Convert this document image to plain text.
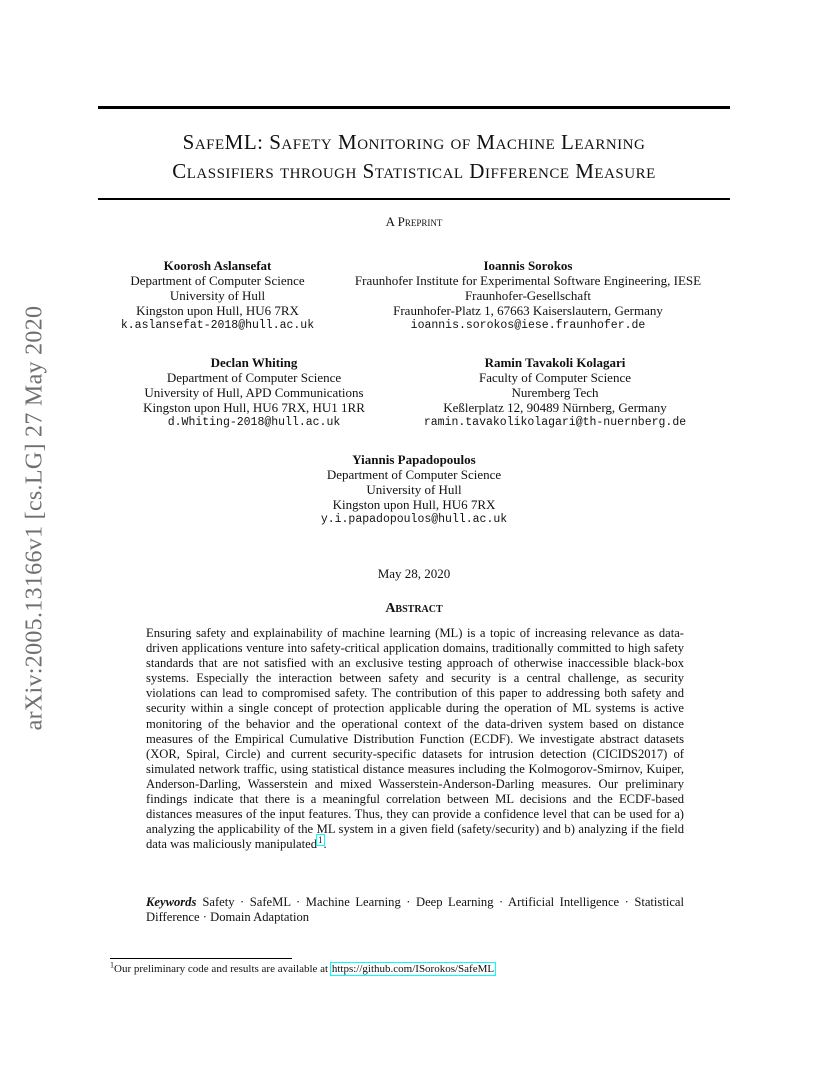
arXiv:2005.13166v1 [cs.LG] 27 May 2020
SafeML: Safety Monitoring of Machine Learning
Classifiers through Statistical Difference Measure
A Preprint
Koorosh Aslansefat
Department of Computer Science
University of Hull
Kingston upon Hull, HU6 7RX
k.aslansefat-2018@hull.ac.uk
Ioannis Sorokos
Fraunhofer Institute for Experimental Software Engineering, IESE
Fraunhofer-Gesellschaft
Fraunhofer-Platz 1, 67663 Kaiserslautern, Germany
ioannis.sorokos@iese.fraunhofer.de
Declan Whiting
Department of Computer Science
University of Hull, APD Communications
Kingston upon Hull, HU6 7RX, HU1 1RR
d.Whiting-2018@hull.ac.uk
Ramin Tavakoli Kolagari
Faculty of Computer Science
Nuremberg Tech
Keßlerplatz 12, 90489 Nürnberg, Germany
ramin.tavakolikolagari@th-nuernberg.de
Yiannis Papadopoulos
Department of Computer Science
University of Hull
Kingston upon Hull, HU6 7RX
y.i.papadopoulos@hull.ac.uk
May 28, 2020
Abstract
Ensuring safety and explainability of machine learning (ML) is a topic of increasing relevance as data-driven applications venture into safety-critical application domains, traditionally committed to high safety standards that are not satisfied with an exclusive testing approach of otherwise inaccessible black-box systems. Especially the interaction between safety and security is a central challenge, as security violations can lead to compromised safety. The contribution of this paper to addressing both safety and security within a single concept of protection applicable during the operation of ML systems is active monitoring of the behavior and the operational context of the data-driven system based on distance measures of the Empirical Cumulative Distribution Function (ECDF). We investigate abstract datasets (XOR, Spiral, Circle) and current security-specific datasets for intrusion detection (CICIDS2017) of simulated network traffic, using statistical distance measures including the Kolmogorov-Smirnov, Kuiper, Anderson-Darling, Wasserstein and mixed Wasserstein-Anderson-Darling measures. Our preliminary findings indicate that there is a meaningful correlation between ML decisions and the ECDF-based distances measures of the input features. Thus, they can provide a confidence level that can be used for a) analyzing the applicability of the ML system in a given field (safety/security) and b) analyzing if the field data was maliciously manipulated$^1$.
Keywords Safety · SafeML · Machine Learning · Deep Learning · Artificial Intelligence · Statistical Difference · Domain Adaptation
$^1$Our preliminary code and results are available at https://github.com/ISorokos/SafeML
